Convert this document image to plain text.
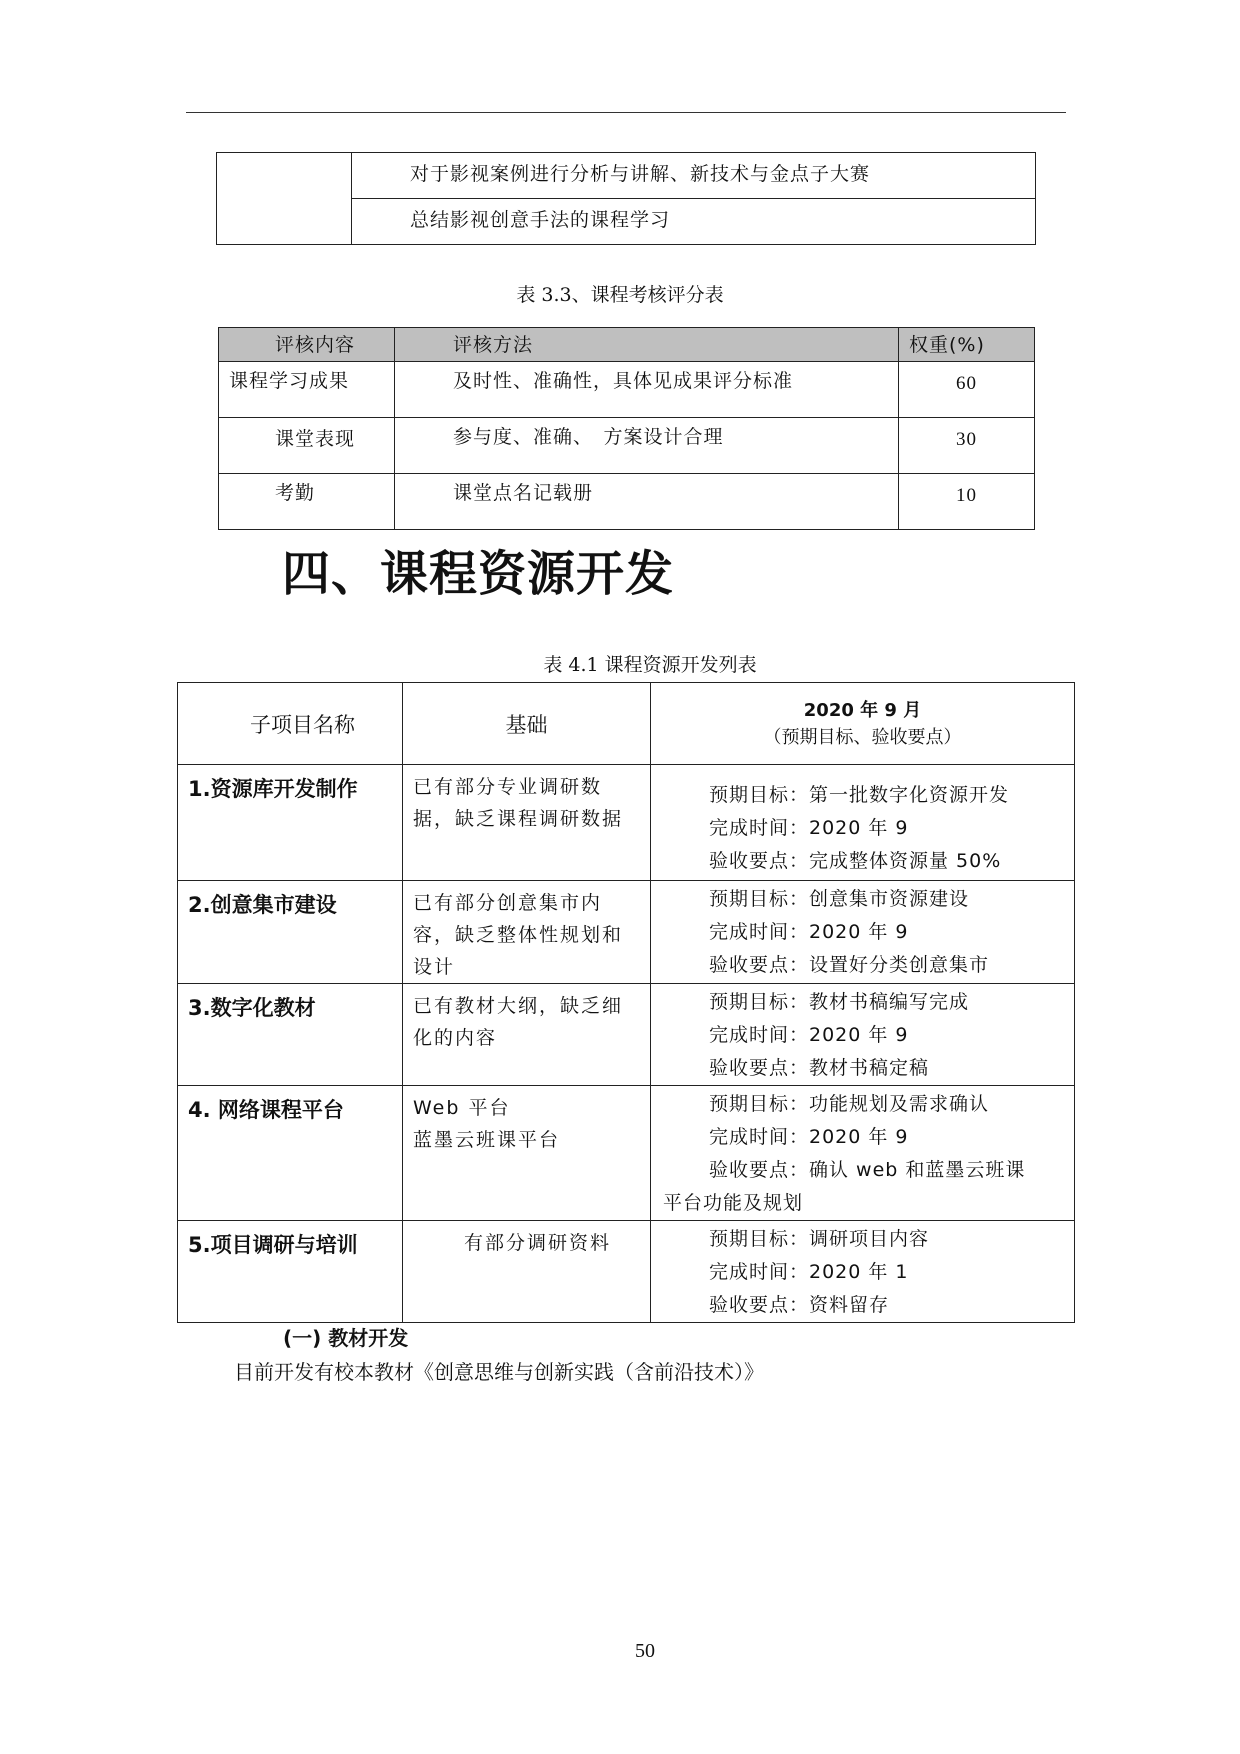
对于影视案例进行分析与讲解、新技术与金点子大赛

总结影视创意手法的课程学习
表 3.3、课程考核评分表
评核内容	评核方法	权重(%)
课程学习成果	及时性、准确性，具体见成果评分标准	60
课堂表现	参与度、准确、　方案设计合理	30
考勤	课堂点名记载册	10
四、课程资源开发
表 4.1 课程资源开发列表
子项目名称	基础	2020 年 9 月
（预期目标、验收要点）

1.资源库开发制作	已有部分专业调研数据，缺乏课程调研数据	预期目标：第一批数字化资源开发
完成时间：2020 年 9
验收要点：完成整体资源量 50%

2.创意集市建设	已有部分创意集市内容，缺乏整体性规划和设计	预期目标：创意集市资源建设
完成时间：2020 年 9
验收要点：设置好分类创意集市

3.数字化教材	已有教材大纲，缺乏细化的内容	预期目标：教材书稿编写完成
完成时间：2020 年 9
验收要点：教材书稿定稿

4. 网络课程平台	Web 平台
蓝墨云班课平台	预期目标：功能规划及需求确认
完成时间：2020 年 9
验收要点：确认 web 和蓝墨云班课
平台功能及规划

5.项目调研与培训	　有部分调研资料	预期目标：调研项目内容
完成时间：2020 年 1
验收要点：资料留存
(一) 教材开发
目前开发有校本教材《创意思维与创新实践（含前沿技术）》
50
